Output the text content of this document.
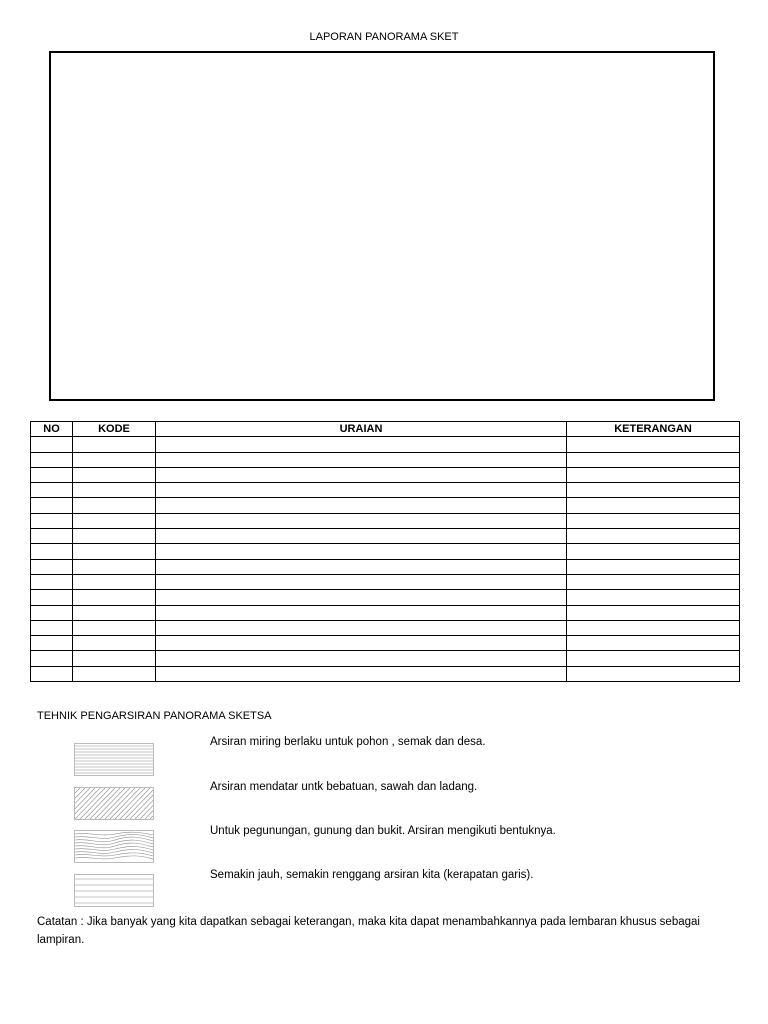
LAPORAN PANORAMA SKET
NO	KODE	URAIAN	KETERANGAN

TEHNIK PENGARSIRAN PANORAMA SKETSA
Arsiran miring berlaku untuk pohon , semak dan desa.
Arsiran mendatar untk bebatuan, sawah dan ladang.
Untuk pegunungan, gunung dan bukit. Arsiran mengikuti bentuknya.
Semakin jauh, semakin renggang arsiran kita (kerapatan garis).
Catatan : Jika banyak yang kita dapatkan sebagai keterangan, maka kita dapat menambahkannya pada lembaran khusus sebagai lampiran.
